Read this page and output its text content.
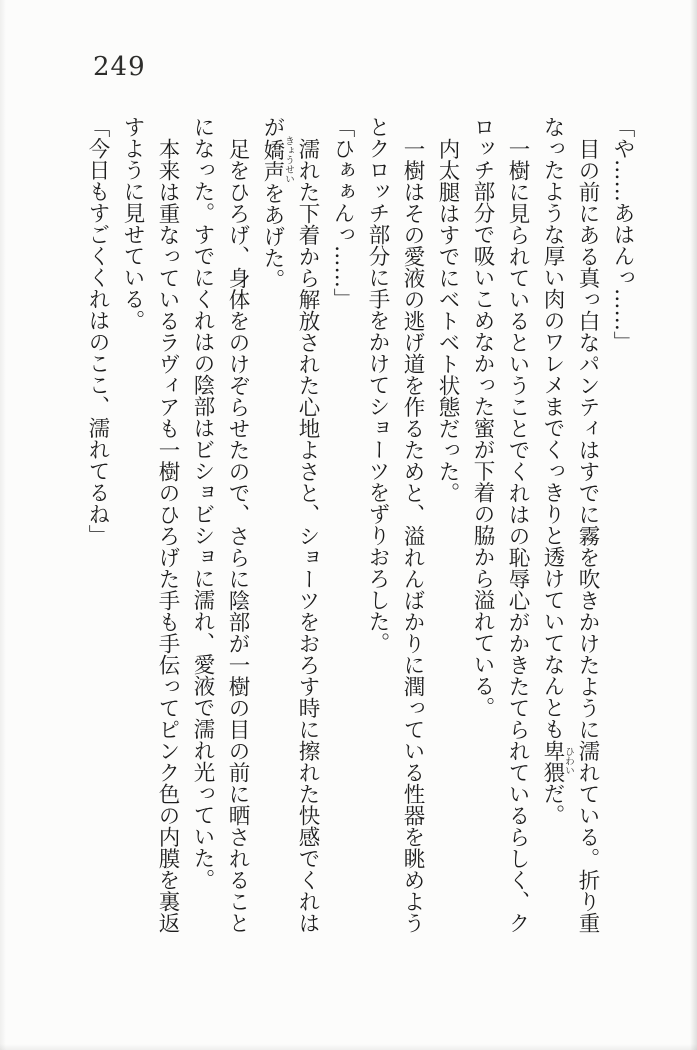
249

「や……あはんっ……」

目の前にある真っ白なパンティはすでに霧を吹きかけたように濡れている。折り重なったような厚い肉のワレメまでくっきりと透けていてなんとも卑猥ひわいだ。

一樹に見られているということでくれはの恥辱心がかきたてられているらしく、クロッチ部分で吸いこめなかった蜜が下着の脇から溢れている。

内太腿はすでにベトベト状態だった。

一樹はその愛液の逃げ道を作るためと、溢れんばかりに潤っている性器を眺めようとクロッチ部分に手をかけてショーツをずりおろした。

「ひぁぁんっ……」

濡れた下着から解放された心地よさと、ショーツをおろす時に擦れた快感でくれはが嬌声きょうせいをあげた。

足をひろげ、身体をのけぞらせたので、さらに陰部が一樹の目の前に晒されることになった。すでにくれはの陰部はビショビショに濡れ、愛液で濡れ光っていた。

本来は重なっているラヴィアも一樹のひろげた手も手伝ってピンク色の内膜を裏返すように見せている。

「今日もすごくくれはのここ、濡れてるね」
